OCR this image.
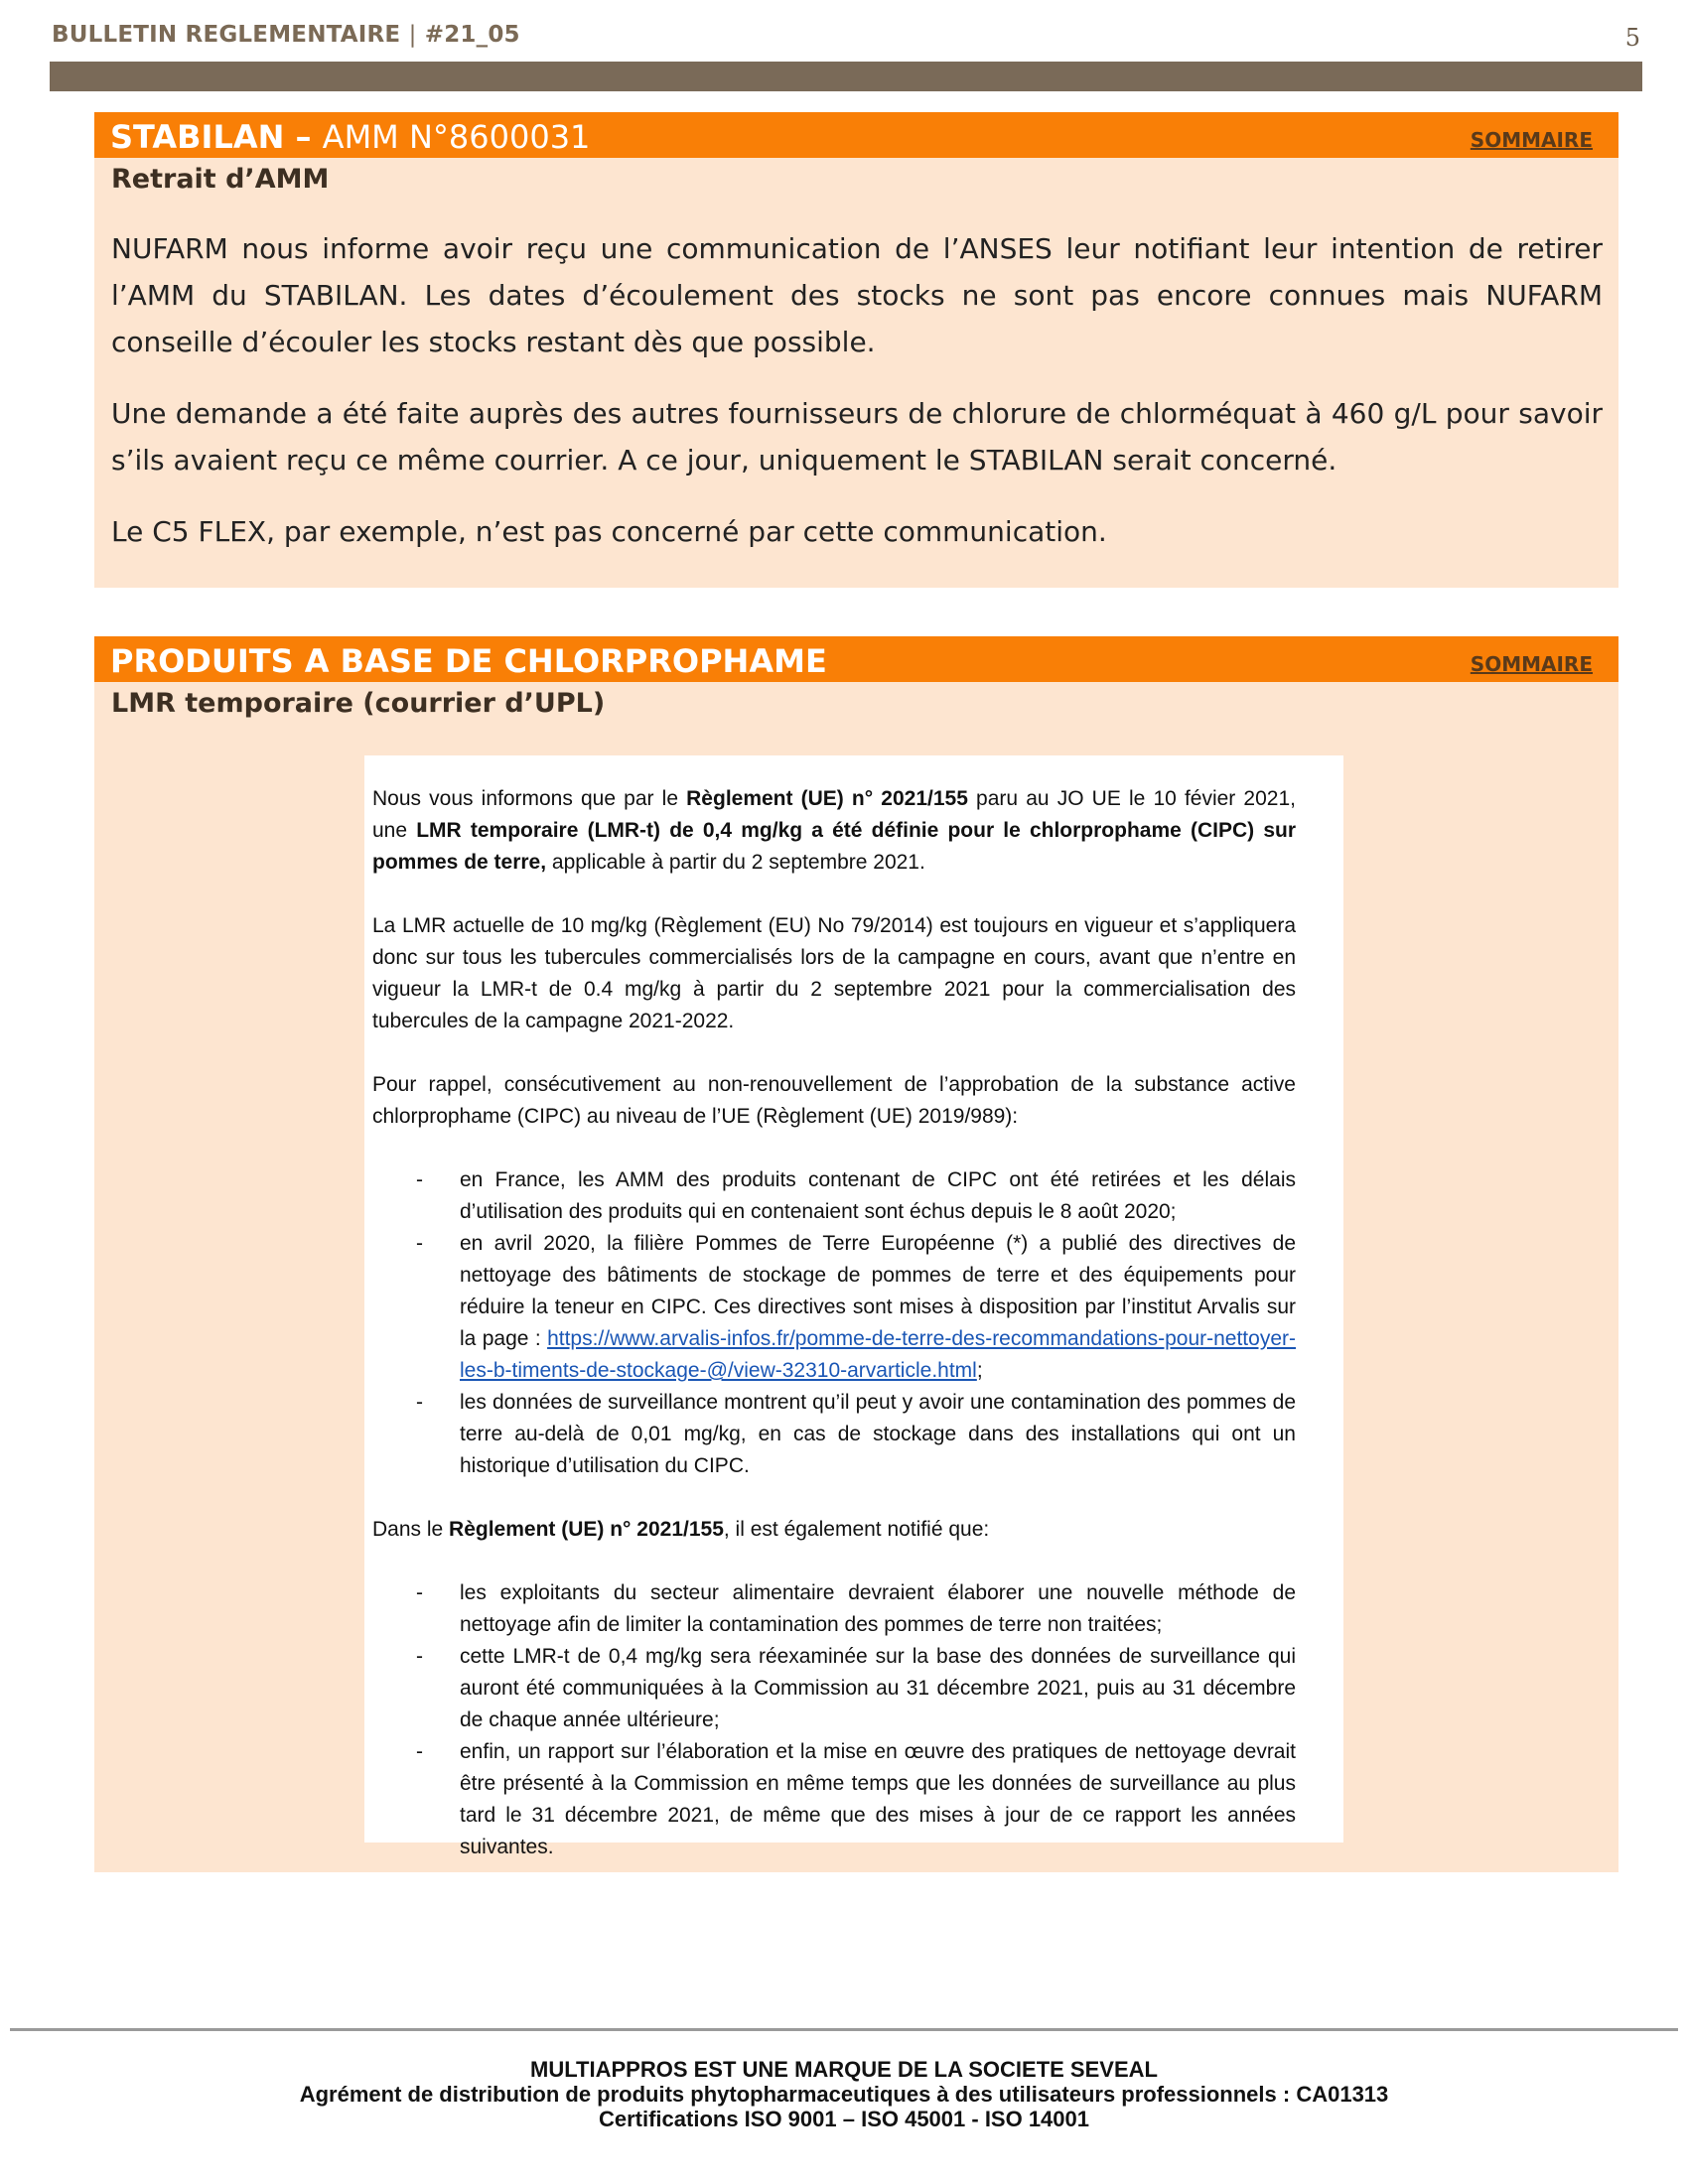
BULLETIN REGLEMENTAIRE | #21_05	5
STABILAN – AMM N°8600031	SOMMAIRE
Retrait d’AMM

NUFARM nous informe avoir reçu une communication de l’ANSES leur notifiant leur intention de retirer l’AMM du STABILAN. Les dates d’écoulement des stocks ne sont pas encore connues mais NUFARM conseille d’écouler les stocks restant dès que possible.

Une demande a été faite auprès des autres fournisseurs de chlorure de chlorméquat à 460 g/L pour savoir s’ils avaient reçu ce même courrier. A ce jour, uniquement le STABILAN serait concerné.

Le C5 FLEX, par exemple, n’est pas concerné par cette communication.

PRODUITS A BASE DE CHLORPROPHAME	SOMMAIRE
LMR temporaire (courrier d’UPL)

Nous vous informons que par le Règlement (UE) n° 2021/155 paru au JO UE le 10 févier 2021, une LMR temporaire (LMR-t) de 0,4 mg/kg a été définie pour le chlorprophame (CIPC) sur pommes de terre, applicable à partir du 2 septembre 2021.

La LMR actuelle de 10 mg/kg (Règlement (EU) No 79/2014) est toujours en vigueur et s’appliquera donc sur tous les tubercules commercialisés lors de la campagne en cours, avant que n’entre en vigueur la LMR-t de 0.4 mg/kg à partir du 2 septembre 2021 pour la commercialisation des tubercules de la campagne 2021-2022.

Pour rappel, consécutivement au non-renouvellement de l’approbation de la substance active chlorprophame (CIPC) au niveau de l’UE (Règlement (UE) 2019/989):

- en France, les AMM des produits contenant de CIPC ont été retirées et les délais d’utilisation des produits qui en contenaient sont échus depuis le 8 août 2020;
- en avril 2020, la filière Pommes de Terre Européenne (*) a publié des directives de nettoyage des bâtiments de stockage de pommes de terre et des équipements pour réduire la teneur en CIPC. Ces directives sont mises à disposition par l’institut Arvalis sur la page : https://www.arvalis-infos.fr/pomme-de-terre-des-recommandations-pour-nettoyer-les-b-timents-de-stockage-@/view-32310-arvarticle.html;
- les données de surveillance montrent qu’il peut y avoir une contamination des pommes de terre au-delà de 0,01 mg/kg, en cas de stockage dans des installations qui ont un historique d’utilisation du CIPC.

Dans le Règlement (UE) n° 2021/155, il est également notifié que:

- les exploitants du secteur alimentaire devraient élaborer une nouvelle méthode de nettoyage afin de limiter la contamination des pommes de terre non traitées;
- cette LMR-t de 0,4 mg/kg sera réexaminée sur la base des données de surveillance qui auront été communiquées à la Commission au 31 décembre 2021, puis au 31 décembre de chaque année ultérieure;
- enfin, un rapport sur l’élaboration et la mise en œuvre des pratiques de nettoyage devrait être présenté à la Commission en même temps que les données de surveillance au plus tard le 31 décembre 2021, de même que des mises à jour de ce rapport les années suivantes.
MULTIAPPROS EST UNE MARQUE DE LA SOCIETE SEVEAL
Agrément de distribution de produits phytopharmaceutiques à des utilisateurs professionnels : CA01313
Certifications ISO 9001 – ISO 45001 - ISO 14001
